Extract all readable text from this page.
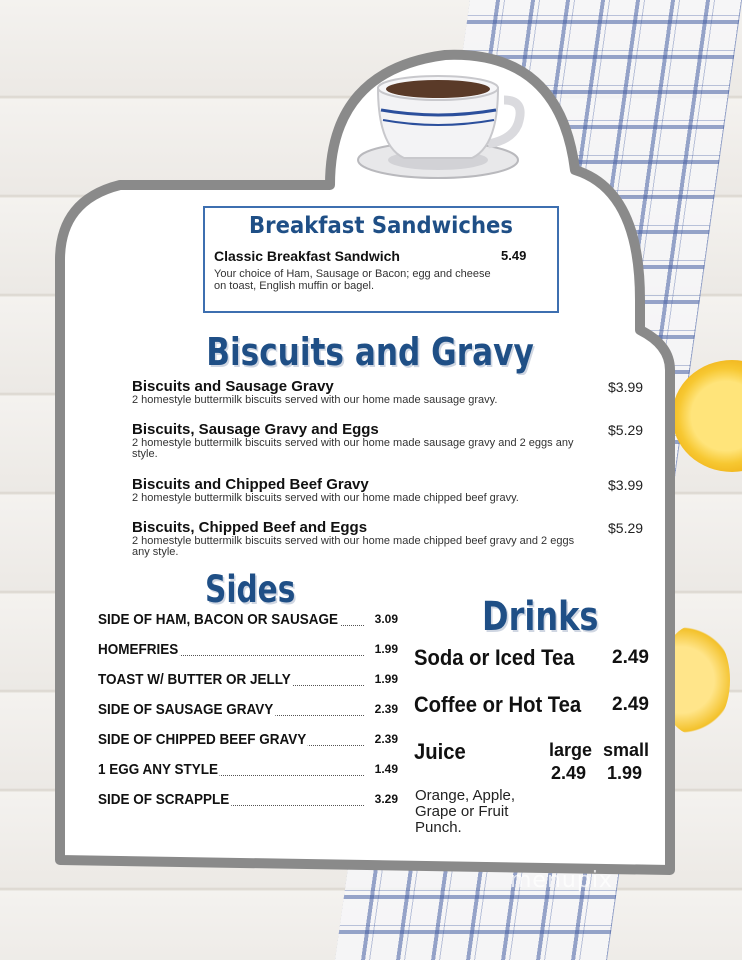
Breakfast Sandwiches
Classic Breakfast Sandwich	5.49
Your choice of Ham, Sausage or Bacon; egg and cheese on toast, English muffin or bagel.
Biscuits and Gravy
Biscuits and Sausage Gravy
2 homestyle buttermilk biscuits served with our home made sausage gravy.
$3.99
Biscuits, Sausage Gravy and Eggs
2 homestyle buttermilk biscuits served with our home made sausage gravy and 2 eggs any style.
$5.29
Biscuits and Chipped Beef Gravy
2 homestyle buttermilk biscuits served with our home made chipped beef gravy.
$3.99
Biscuits, Chipped Beef and Eggs
2 homestyle buttermilk biscuits served with our home made chipped beef gravy and 2 eggs any style.
$5.29
Sides
SIDE OF HAM, BACON OR SAUSAGE	3.09
HOMEFRIES	1.99
TOAST W/ BUTTER OR JELLY	1.99
SIDE OF SAUSAGE GRAVY	2.39
SIDE OF CHIPPED BEEF GRAVY	2.39
1 EGG ANY STYLE	1.49
SIDE OF SCRAPPLE	3.29
Drinks
Soda or Iced Tea 2.49
Coffee or Hot Tea 2.49
Juice	large small
2.49 1.99
Orange, Apple, Grape or Fruit Punch.
menupix
